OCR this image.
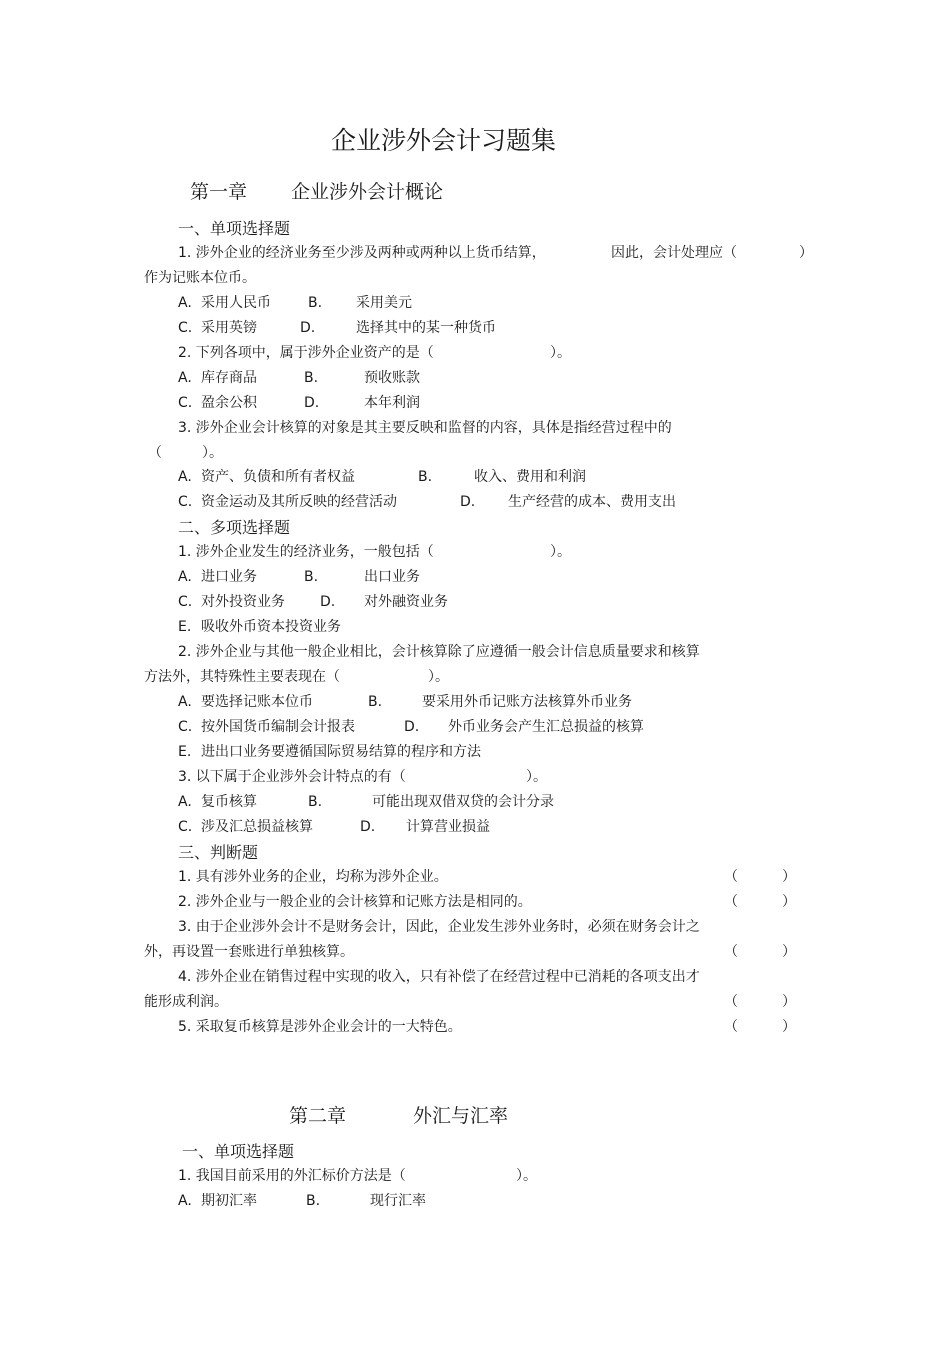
企业涉外会计习题集
第一章 企业涉外会计概论
一、单项选择题
1. 涉外企业的经济业务至少涉及两种或两种以上货币结算，	因此，会计处理应（	）
作为记账本位币。
A. 采用人民币	B. 采用美元
C. 采用英镑	D.	选择其中的某一种货币
2. 下列各项中，属于涉外企业资产的是（	）。
A. 库存商品	B.	预收账款
C. 盈余公积	D.	本年利润
3. 涉外企业会计核算的对象是其主要反映和监督的内容，具体是指经营过程中的
（	）。
A. 资产、负债和所有者权益	B.	收入、费用和利润
C. 资金运动及其所反映的经营活动	D. 生产经营的成本、费用支出
二、多项选择题
1. 涉外企业发生的经济业务，一般包括（	）。
A. 进口业务	B.	出口业务
C. 对外投资业务	D. 对外融资业务
E. 吸收外币资本投资业务
2. 涉外企业与其他一般企业相比，会计核算除了应遵循一般会计信息质量要求和核算
方法外，其特殊性主要表现在（	）。
A. 要选择记账本位币	B.	要采用外币记账方法核算外币业务
C. 按外国货币编制会计报表	D. 外币业务会产生汇总损益的核算
E. 进出口业务要遵循国际贸易结算的程序和方法
3. 以下属于企业涉外会计特点的有（	）。
A. 复币核算	B.	可能出现双借双贷的会计分录
C. 涉及汇总损益核算	D. 计算营业损益
三、判断题
1. 具有涉外业务的企业，均称为涉外企业。	（	）
2. 涉外企业与一般企业的会计核算和记账方法是相同的。	（	）
3. 由于企业涉外会计不是财务会计，因此，企业发生涉外业务时，必须在财务会计之
外，再设置一套账进行单独核算。	（	）
4. 涉外企业在销售过程中实现的收入，只有补偿了在经营过程中已消耗的各项支出才
能形成利润。	（	）
5. 采取复币核算是涉外企业会计的一大特色。	（	）
第二章	外汇与汇率
一、单项选择题
1. 我国目前采用的外汇标价方法是（	）。
A. 期初汇率	B.	现行汇率
